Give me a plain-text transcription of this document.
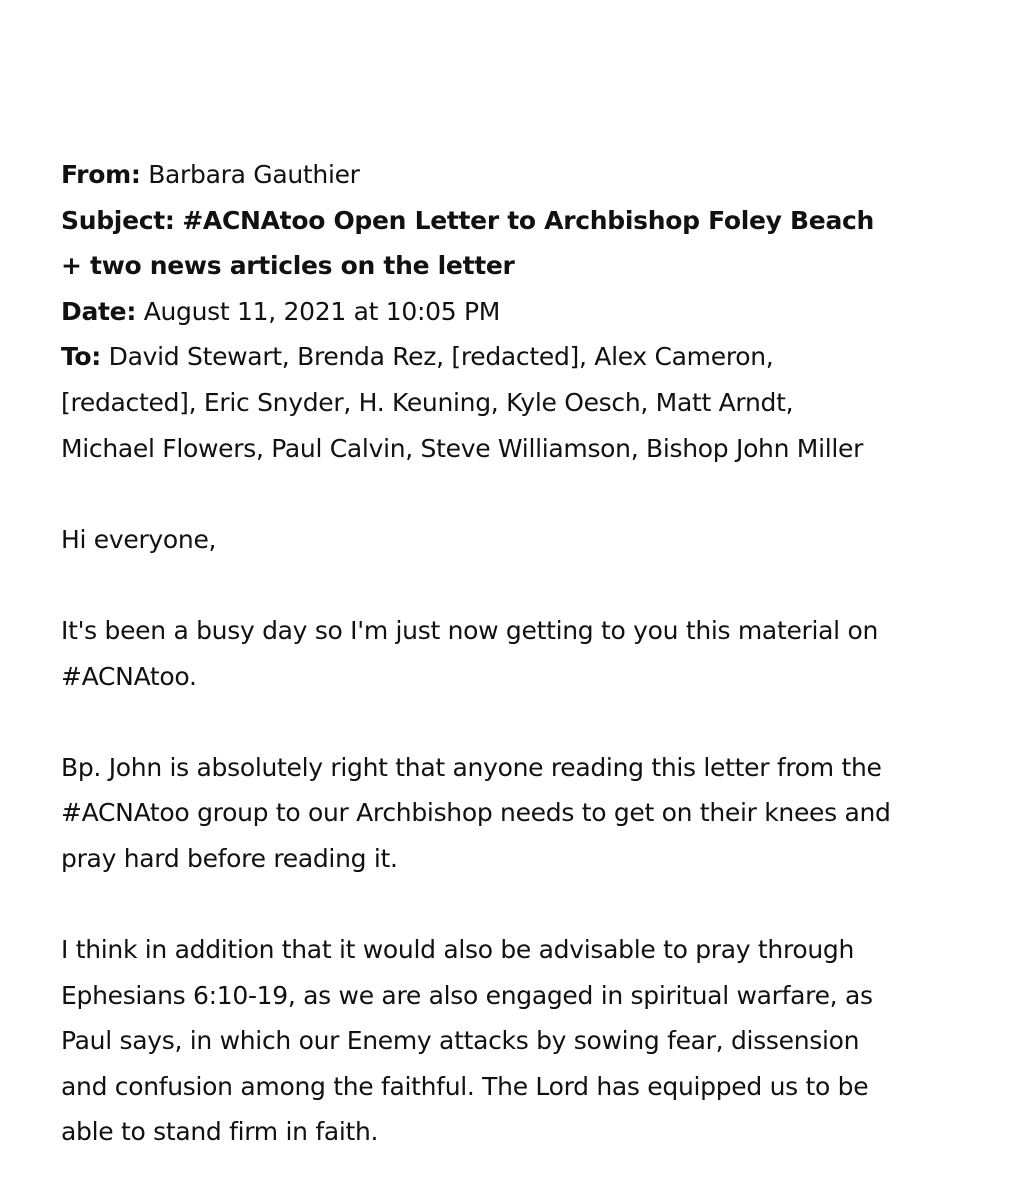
From: Barbara Gauthier
Subject: #ACNAtoo Open Letter to Archbishop Foley Beach + two news articles on the letter
Date: August 11, 2021 at 10:05 PM
To: David Stewart, Brenda Rez, [redacted], Alex Cameron, [redacted], Eric Snyder, H. Keuning, Kyle Oesch, Matt Arndt, Michael Flowers, Paul Calvin, Steve Williamson, Bishop John Miller

Hi everyone,

It's been a busy day so I'm just now getting to you this material on #ACNAtoo.

Bp. John is absolutely right that anyone reading this letter from the #ACNAtoo group to our Archbishop needs to get on their knees and pray hard before reading it.

I think in addition that it would also be advisable to pray through Ephesians 6:10-19, as we are also engaged in spiritual warfare, as Paul says, in which our Enemy attacks by sowing fear, dissension and confusion among the faithful. The Lord has equipped us to be able to stand firm in faith.
